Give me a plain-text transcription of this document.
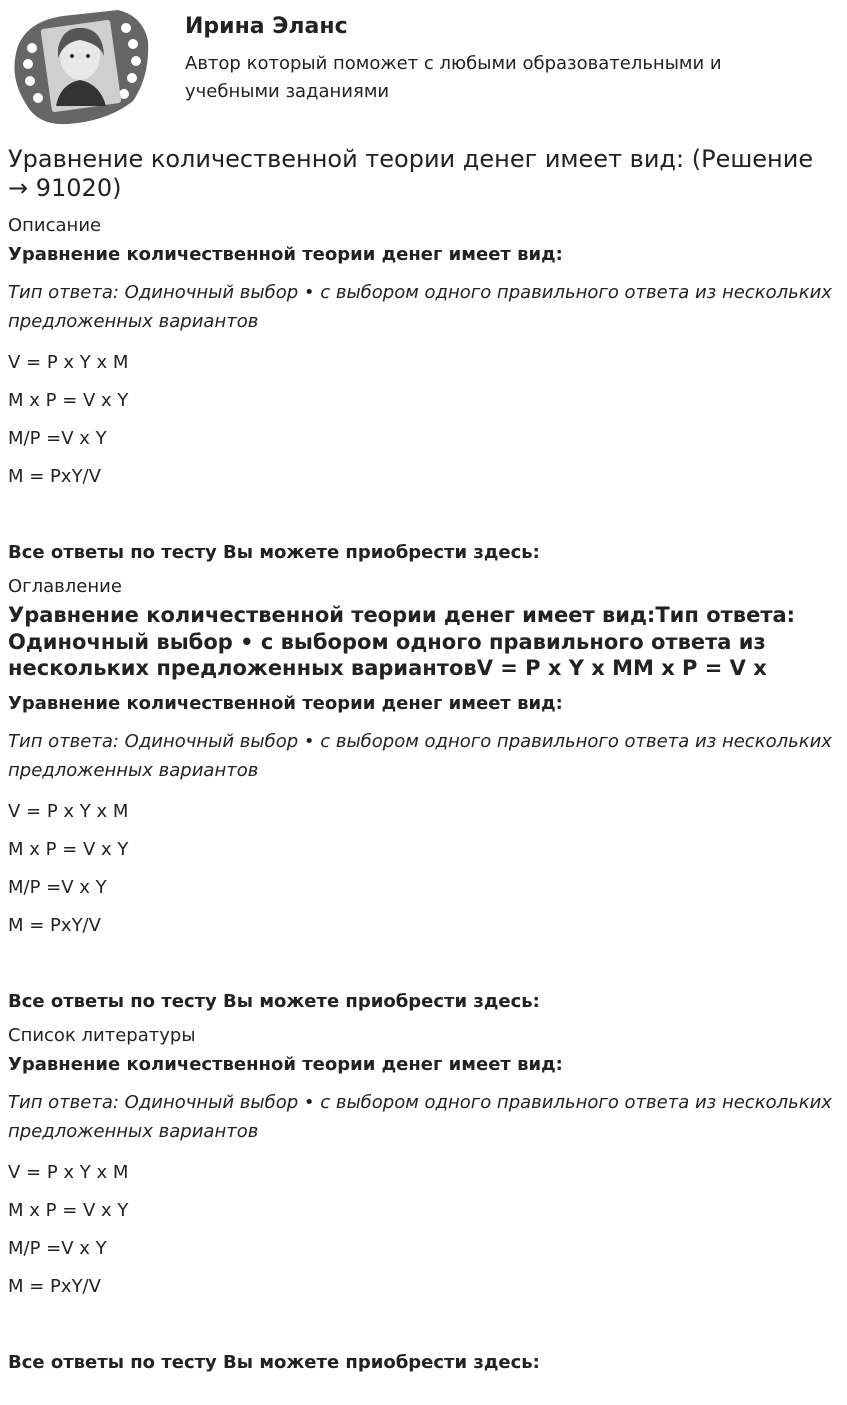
Ирина Эланс
Автор который поможет с любыми образовательными и учебными заданиями
Уравнение количественной теории денег имеет вид: (Решение → 91020)
Описание
Уравнение количественной теории денег имеет вид:
Тип ответа: Одиночный выбор • с выбором одного правильного ответа из нескольких предложенных вариантов
V = P x Y x M
M x P = V x Y
M/P =V x Y
M = PxY/V
Все ответы по тесту Вы можете приобрести здесь:
Оглавление
Уравнение количественной теории денег имеет вид:Тип ответа: Одиночный выбор • с выбором одного правильного ответа из нескольких предложенных вариантовV = P x Y x MM x P = V x
Уравнение количественной теории денег имеет вид:
Тип ответа: Одиночный выбор • с выбором одного правильного ответа из нескольких предложенных вариантов
V = P x Y x M
M x P = V x Y
M/P =V x Y
M = PxY/V
Все ответы по тесту Вы можете приобрести здесь:
Список литературы
Уравнение количественной теории денег имеет вид:
Тип ответа: Одиночный выбор • с выбором одного правильного ответа из нескольких предложенных вариантов
V = P x Y x M
M x P = V x Y
M/P =V x Y
M = PxY/V
Все ответы по тесту Вы можете приобрести здесь:
